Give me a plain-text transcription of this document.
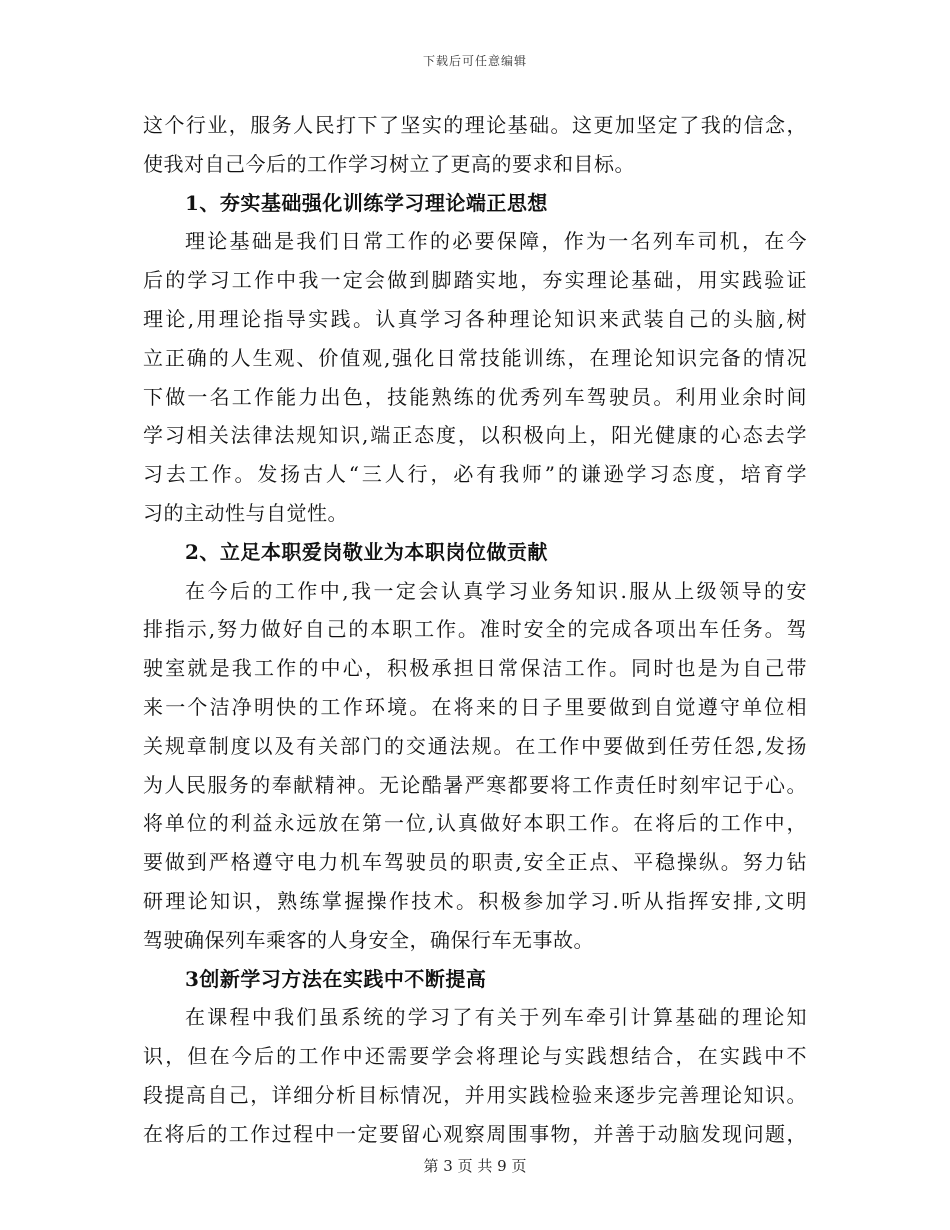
下载后可任意编辑
这个行业，服务人民打下了坚实的理论基础。这更加坚定了我的信念，
使我对自己今后的工作学习树立了更高的要求和目标。
1、夯实基础强化训练学习理论端正思想
理论基础是我们日常工作的必要保障，作为一名列车司机，在今
后的学习工作中我一定会做到脚踏实地，夯实理论基础，用实践验证
理论,用理论指导实践。认真学习各种理论知识来武装自己的头脑,树
立正确的人生观、价值观,强化日常技能训练，在理论知识完备的情况
下做一名工作能力出色，技能熟练的优秀列车驾驶员。利用业余时间
学习相关法律法规知识,端正态度，以积极向上，阳光健康的心态去学
习去工作。发扬古人“三人行，必有我师”的谦逊学习态度，培育学
习的主动性与自觉性。
2、立足本职爱岗敬业为本职岗位做贡献
在今后的工作中,我一定会认真学习业务知识.服从上级领导的安
排指示,努力做好自己的本职工作。准时安全的完成各项出车任务。驾
驶室就是我工作的中心，积极承担日常保洁工作。同时也是为自己带
来一个洁净明快的工作环境。在将来的日子里要做到自觉遵守单位相
关规章制度以及有关部门的交通法规。在工作中要做到任劳任怨,发扬
为人民服务的奉献精神。无论酷暑严寒都要将工作责任时刻牢记于心。
将单位的利益永远放在第一位,认真做好本职工作。在将后的工作中，
要做到严格遵守电力机车驾驶员的职责,安全正点、平稳操纵。努力钻
研理论知识，熟练掌握操作技术。积极参加学习.听从指挥安排,文明
驾驶确保列车乘客的人身安全，确保行车无事故。
3创新学习方法在实践中不断提高
在课程中我们虽系统的学习了有关于列车牵引计算基础的理论知
识，但在今后的工作中还需要学会将理论与实践想结合，在实践中不
段提高自己，详细分析目标情况，并用实践检验来逐步完善理论知识。
在将后的工作过程中一定要留心观察周围事物，并善于动脑发现问题，
第 3 页 共 9 页
